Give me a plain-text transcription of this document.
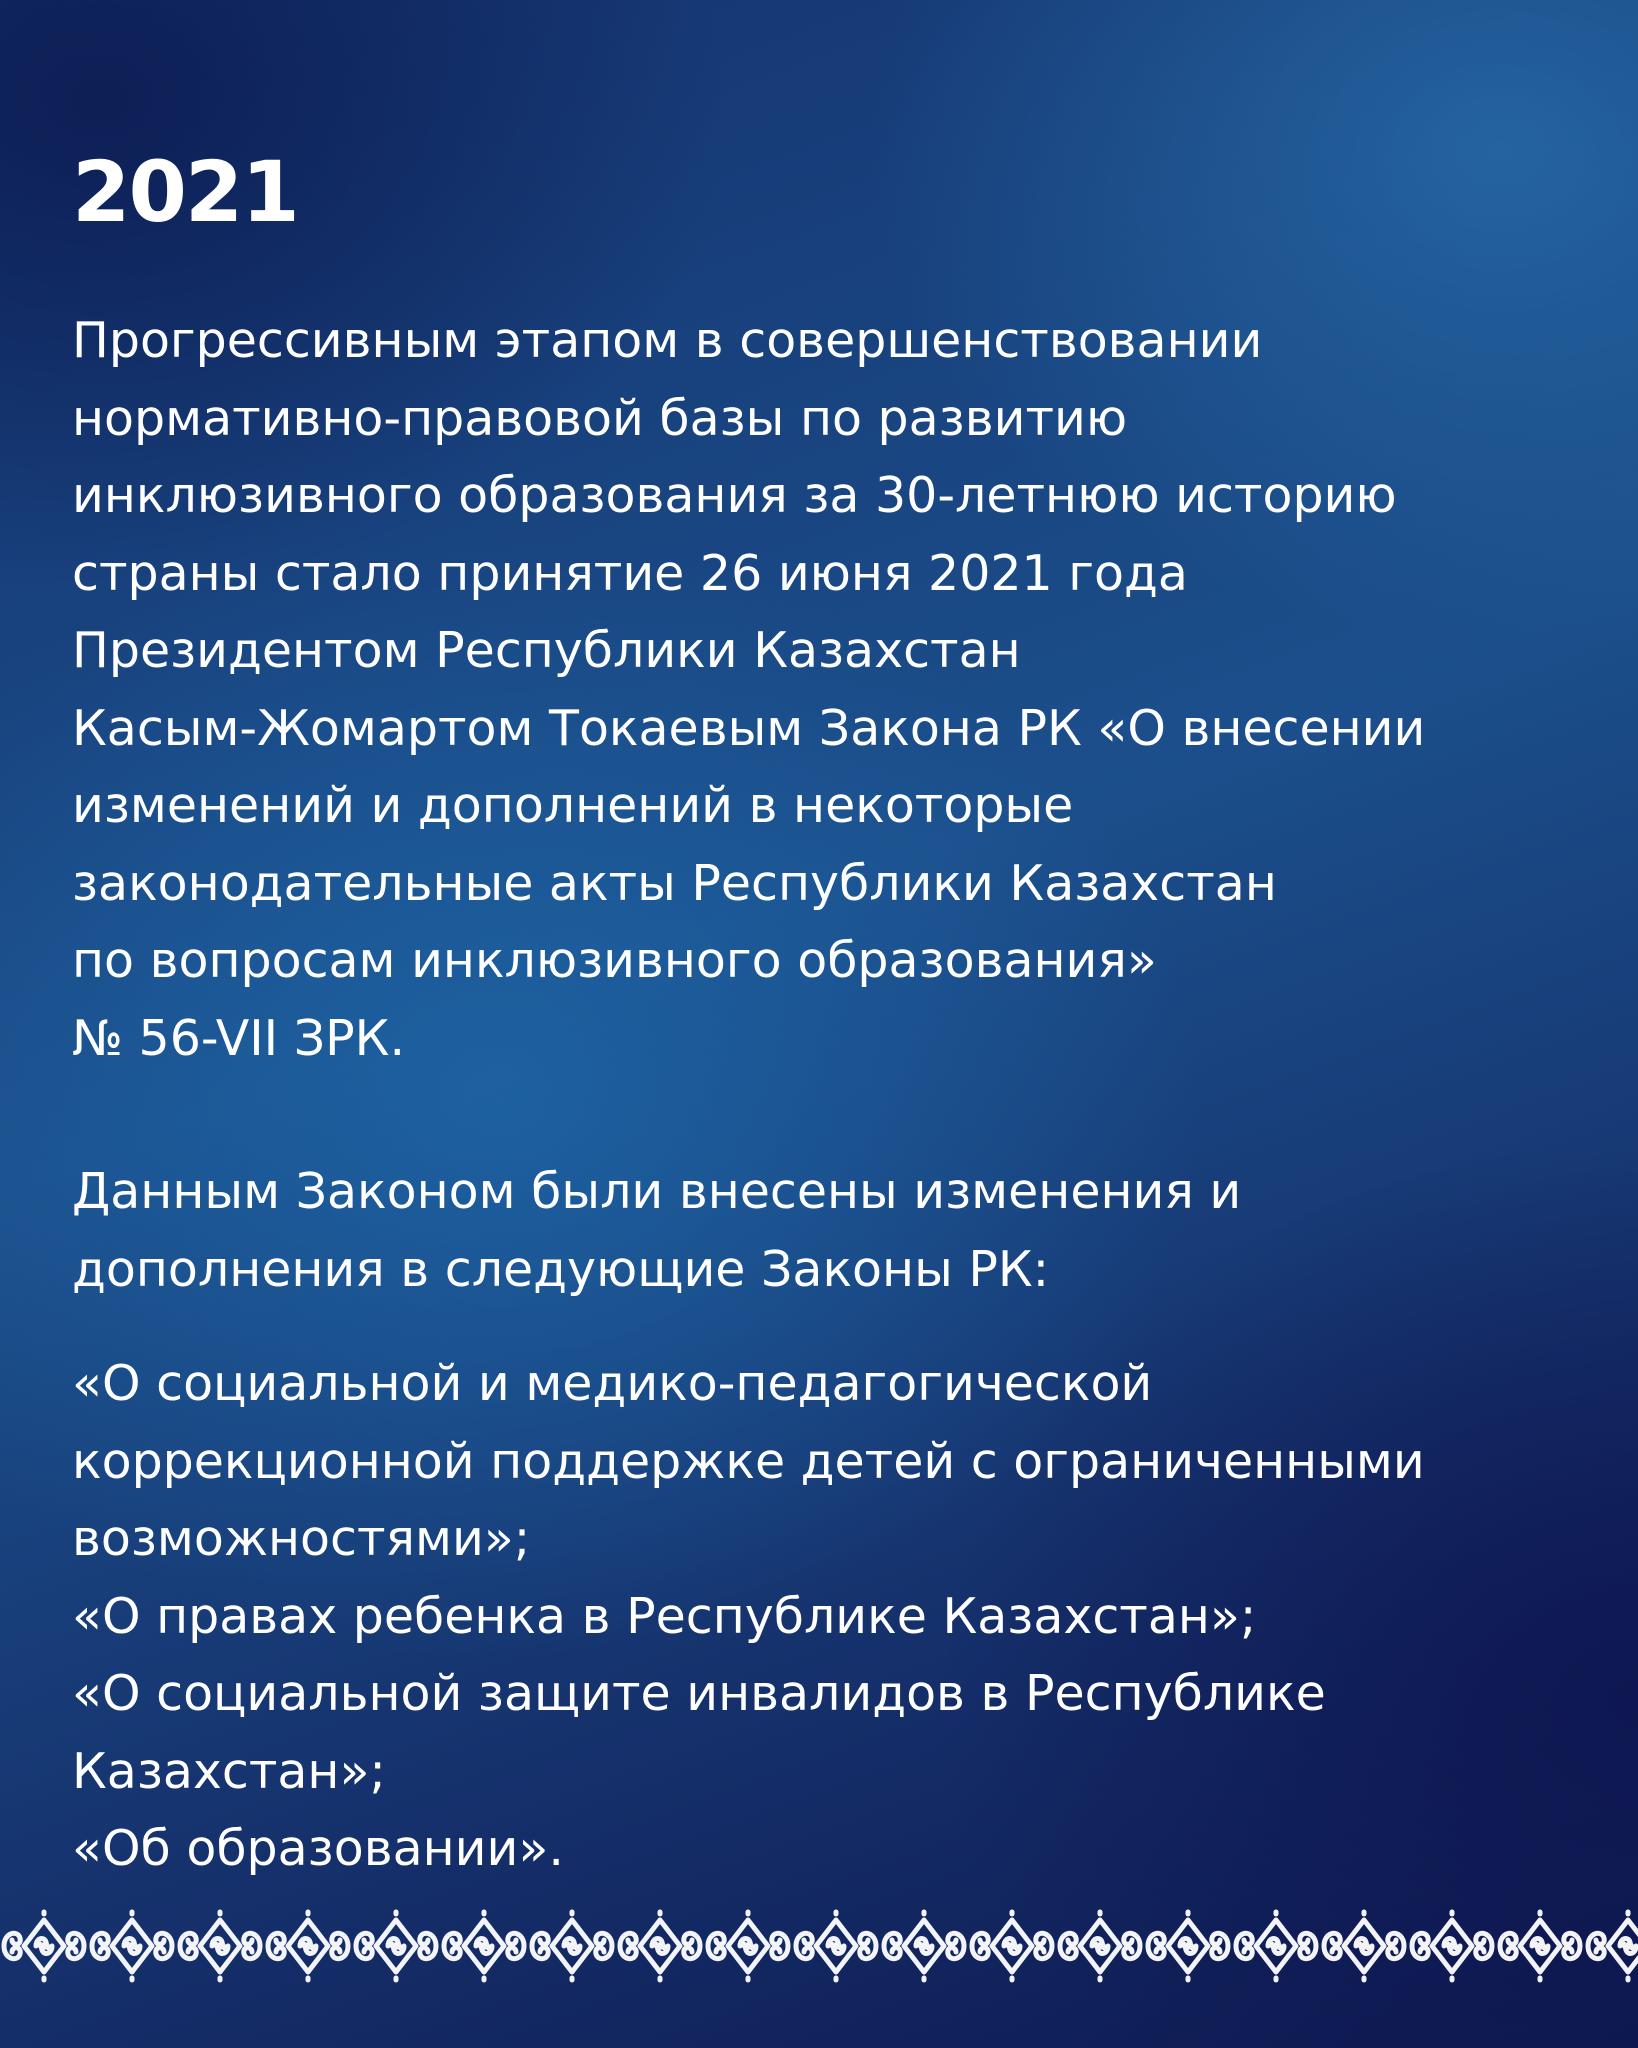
2021
Прогрессивным этапом в совершенствовании
нормативно-правовой базы по развитию
инклюзивного образования за 30-летнюю историю
страны стало принятие 26 июня 2021 года
Президентом Республики Казахстан
Касым-Жомартом Токаевым Закона РК «О внесении
изменений и дополнений в некоторые
законодательные акты Республики Казахстан
по вопросам инклюзивного образования»
№ 56-VII ЗРК.
Данным Законом были внесены изменения и
дополнения в следующие Законы РК:
«О социальной и медико-педагогической
коррекционной поддержке детей с ограниченными
возможностями»;
«О правах ребенка в Республике Казахстан»;
«О социальной защите инвалидов в Республике
Казахстан»;
«Об образовании».
